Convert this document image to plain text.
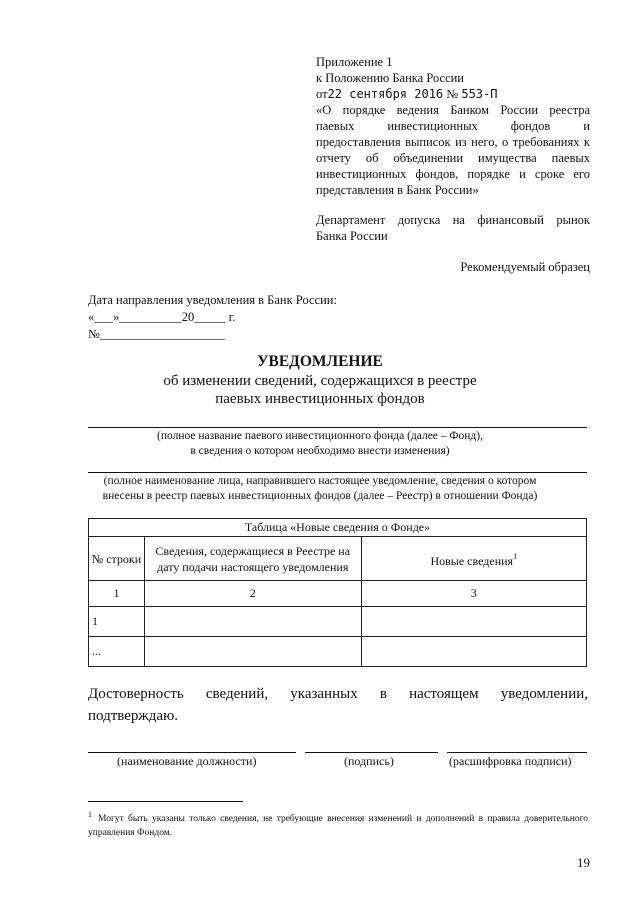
Приложение 1
к Положению Банка России
от22 сентября 2016 № 553-П
«О порядке ведения Банком России реестра
паевых инвестиционных фондов и
предоставления выписок из него, о требованиях к
отчету об объединении имущества паевых
инвестиционных фондов, порядке и сроке его
представления в Банк России»
Департамент допуска на финансовый рынок
Банка России
Рекомендуемый образец
Дата направления уведомления в Банк России:
«___»__________20_____ г.
№____________________
УВЕДОМЛЕНИЕ
об изменении сведений, содержащихся в реестре
паевых инвестиционных фондов
(полное название паевого инвестиционного фонда (далее – Фонд),
в сведения о котором необходимо внести изменения)
(полное наименование лица, направившего настоящее уведомление, сведения о котором
внесены в реестр паевых инвестиционных фондов (далее – Реестр) в отношении Фонда)
Таблица «Новые сведения о Фонде»		
№ строки	Сведения, содержащиеся в Реестре на дату подачи настоящего уведомления	Новые сведения$^1$
1	2	3
1		
...		
Достоверность сведений, указанных в настоящем уведомлении,
подтверждаю.
(наименование должности)	(подпись)	(расшифровка подписи)
$^1$ Могут быть указаны только сведения, не требующие внесения изменений и дополнений в правила доверительного управления Фондом.
19
